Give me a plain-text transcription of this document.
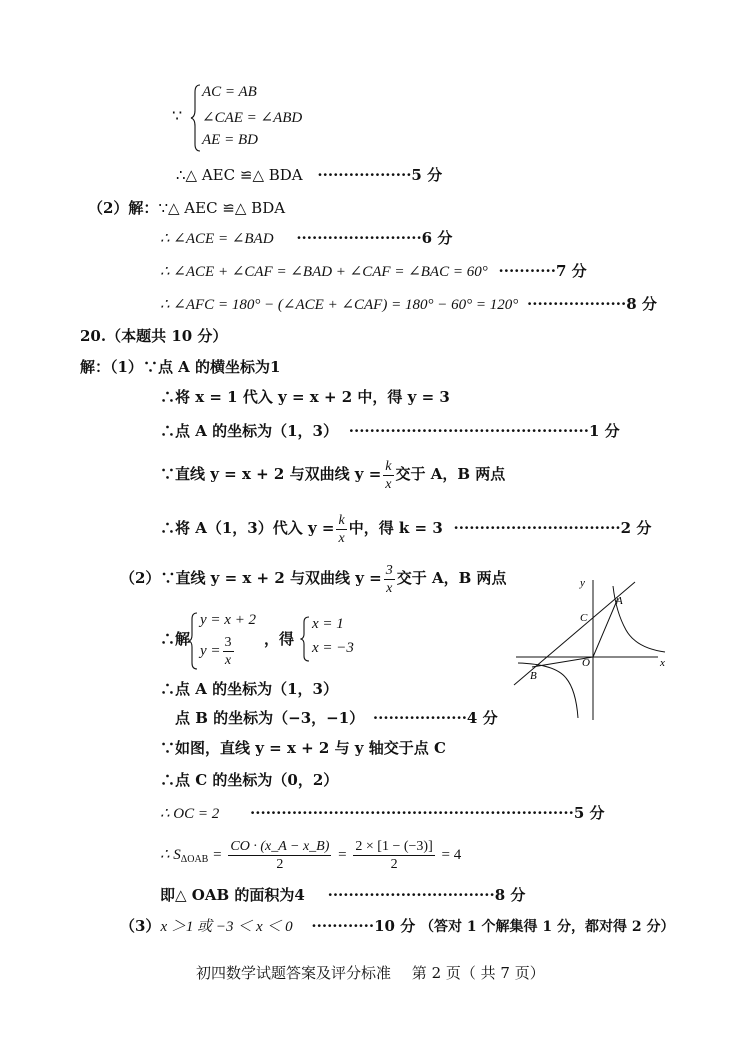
∵
AC = AB
∠CAE = ∠ABD
AE = BD
∴△ AEC ≌△ BDA ··················5 分
（2）解：∵△ AEC ≌△ BDA
∴ ∠ACE = ∠BAD ························6 分
∴ ∠ACE + ∠CAF = ∠BAD + ∠CAF = ∠BAC = 60° ···········7 分
∴ ∠AFC = 180° − (∠ACE + ∠CAF) = 180° − 60° = 120° ···················8 分
20.（本题共 10 分）
解：（1）∵点 A 的横坐标为1
∴将 x = 1 代入 y = x + 2 中，得 y = 3
∴点 A 的坐标为（1，3） ··············································1 分
∵直线 y = x + 2 与双曲线 $y = \frac{k}{x}$ 交于 A，B 两点
∴将 A（1，3）代入 $y = \frac{k}{x}$ 中，得 k = 3 ································2 分
（2）∵直线 y = x + 2 与双曲线 $y = \frac{3}{x}$ 交于 A，B 两点
∴解
y = x + 2
$y = \frac{3}{x}$ ，得
x = 1
x = −3
∴点 A 的坐标为（1，3）
点 B 的坐标为（−3，−1） ··················4 分
∵如图，直线 y = x + 2 与 y 轴交于点 C
∴点 C 的坐标为（0，2）
∴ OC = 2 ······························································5 分
∴ $S_{\Delta OAB} = \frac{CO \cdot (x\_A - x\_B)}{2} = \frac{2 \times [1 - (-3)]}{2} = 4$
即△ OAB 的面积为4 ································8 分
（3）x ＞1 或 −3 ＜ x ＜ 0 ············10 分 （答对 1 个解集得 1 分，都对得 2 分）
初四数学试题答案及评分标准 第 2 页（ 共 7 页）
y
x
A
C
O
B
